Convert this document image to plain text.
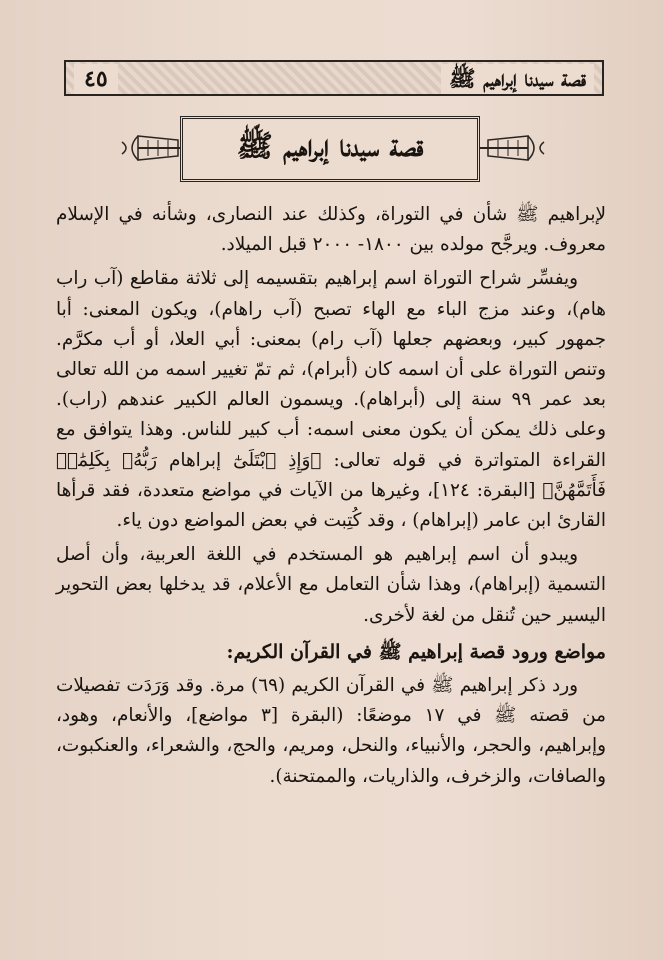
قصة سيدنا إبراهيم ﷺ
٤٥
قصة سيدنا إبراهيم ﷺ

لإبراهيم ﷺ شأن في التوراة، وكذلك عند النصارى، وشأنه في الإسلام معروف. ويرجَّح مولده بين ١٨٠٠- ٢٠٠٠ قبل الميلاد.

ويفسِّر شراح التوراة اسم إبراهيم بتقسيمه إلى ثلاثة مقاطع (آب راب هام)، وعند مزج الباء مع الهاء تصبح (آب راهام)، ويكون المعنى: أبا جمهور كبير، وبعضهم جعلها (آب رام) بمعنى: أبي العلا، أو أب مكرَّم. وتنص التوراة على أن اسمه كان (أبرام)، ثم تمّ تغيير اسمه من الله تعالى بعد عمر ٩٩ سنة إلى (أبراهام). ويسمون العالم الكبير عندهم (راب). وعلى ذلك يمكن أن يكون معنى اسمه: أب كبير للناس. وهذا يتوافق مع القراءة المتواترة في قوله تعالى: ﴿وَإِذِ ٱبْتَلَىٰٓ إبراهام رَبُّهُۥ بِكَلِمَٰتٖ فَأَتَمَّهُنَّ﴾ [البقرة: ١٢٤]، وغيرها من الآيات في مواضع متعددة، فقد قرأها القارئ ابن عامر (إبراهام) ، وقد كُتِبت في بعض المواضع دون ياء.

ويبدو أن اسم إبراهيم هو المستخدم في اللغة العربية، وأن أصل التسمية (إبراهام)، وهذا شأن التعامل مع الأعلام، قد يدخلها بعض التحوير اليسير حين تُنقل من لغة لأخرى.

مواضع ورود قصة إبراهيم ﷺ في القرآن الكريم:

ورد ذكر إبراهيم ﷺ في القرآن الكريم (٦٩) مرة. وقد وَرَدَت تفصيلات من قصته ﷺ في ١٧ موضعًا: (البقرة [٣ مواضع]، والأنعام، وهود، وإبراهيم، والحجر، والأنبياء، والنحل، ومريم، والحج، والشعراء، والعنكبوت، والصافات، والزخرف، والذاريات، والممتحنة).
